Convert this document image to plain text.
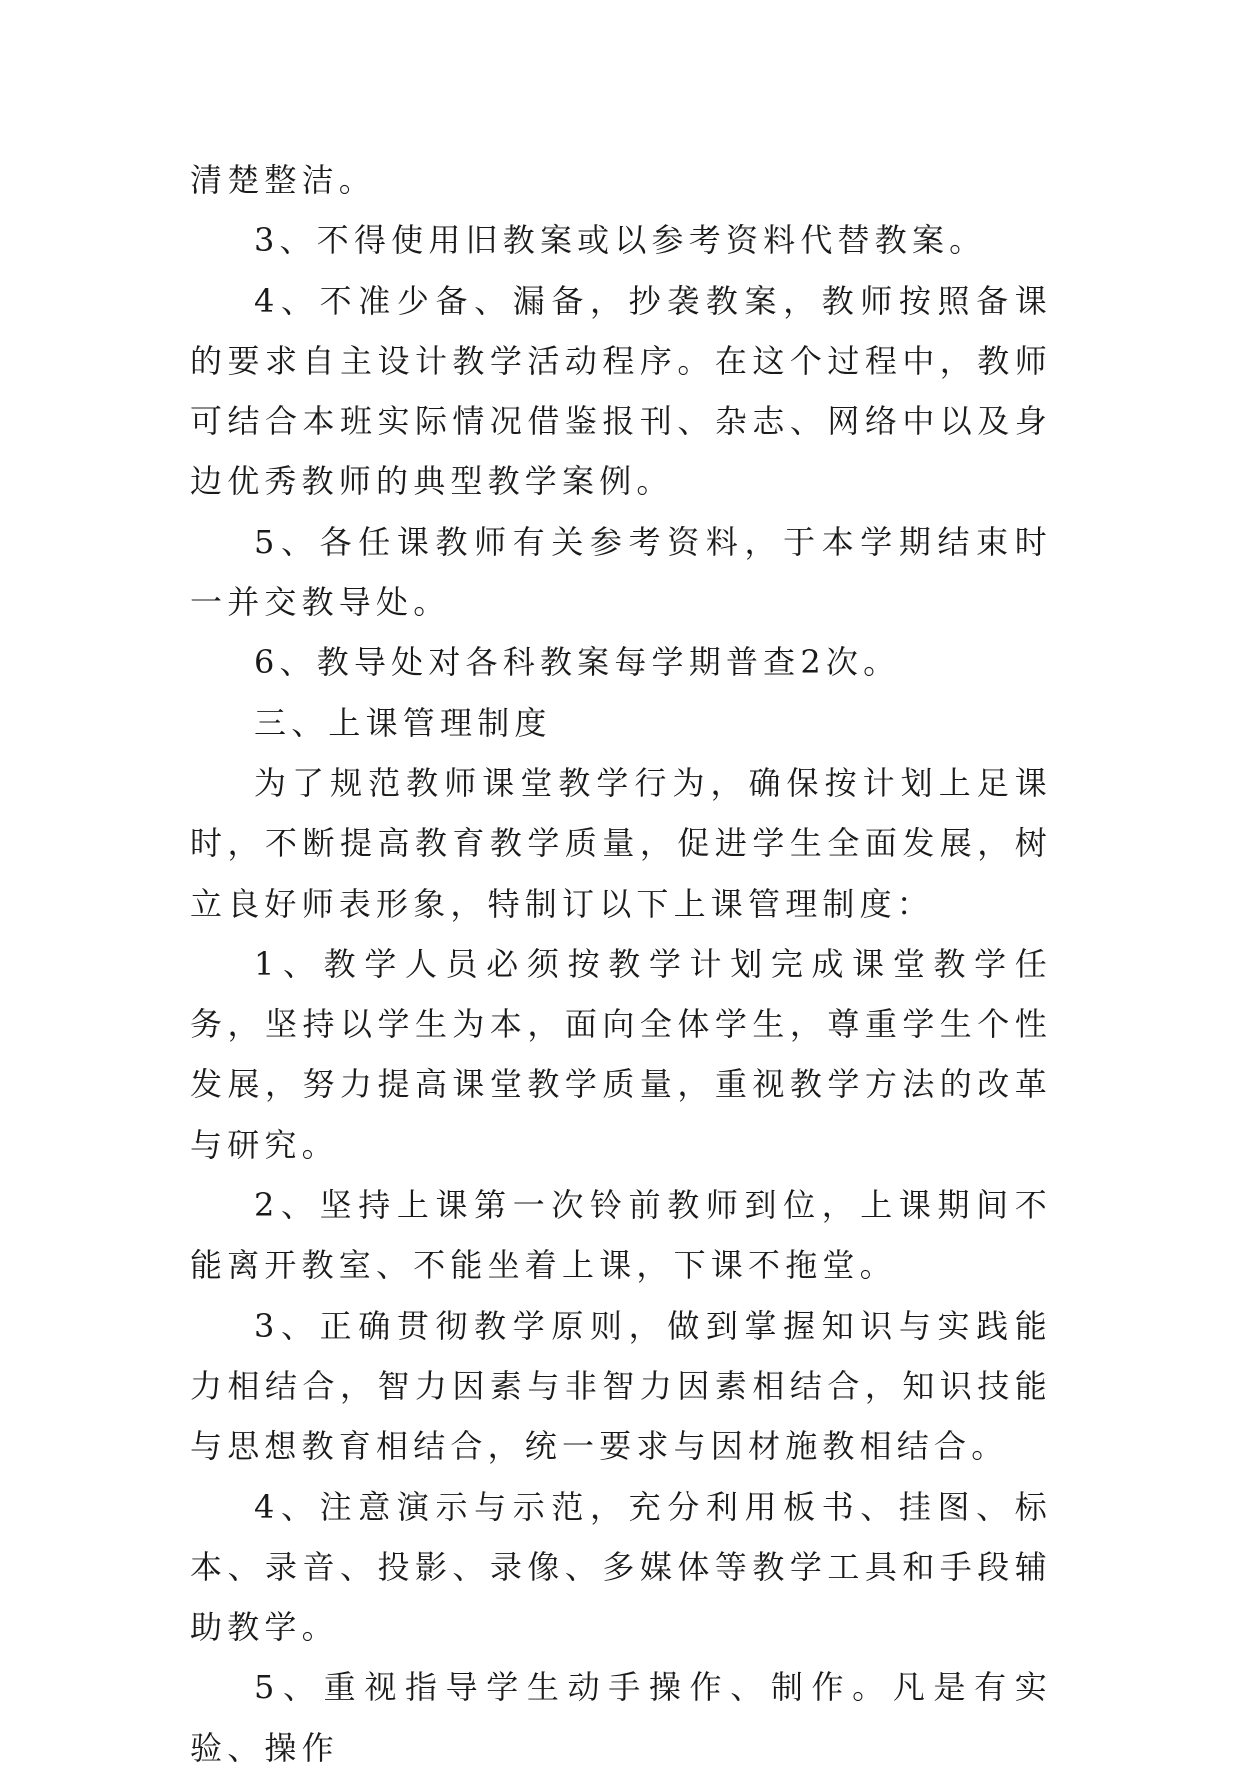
清楚整洁。

3、不得使用旧教案或以参考资料代替教案。

4、不准少备、漏备，抄袭教案，教师按照备课的要求自主设计教学活动程序。在这个过程中，教师可结合本班实际情况借鉴报刊、杂志、网络中以及身边优秀教师的典型教学案例。

5、各任课教师有关参考资料，于本学期结束时一并交教导处。

6、教导处对各科教案每学期普查2次。

三、上课管理制度

为了规范教师课堂教学行为，确保按计划上足课时，不断提高教育教学质量，促进学生全面发展，树立良好师表形象，特制订以下上课管理制度：

1、教学人员必须按教学计划完成课堂教学任务，坚持以学生为本，面向全体学生，尊重学生个性发展，努力提高课堂教学质量，重视教学方法的改革与研究。

2、坚持上课第一次铃前教师到位，上课期间不能离开教室、不能坐着上课，下课不拖堂。

3、正确贯彻教学原则，做到掌握知识与实践能力相结合，智力因素与非智力因素相结合，知识技能与思想教育相结合，统一要求与因材施教相结合。

4、注意演示与示范，充分利用板书、挂图、标本、录音、投影、录像、多媒体等教学工具和手段辅助教学。

5、重视指导学生动手操作、制作。凡是有实验、操作
